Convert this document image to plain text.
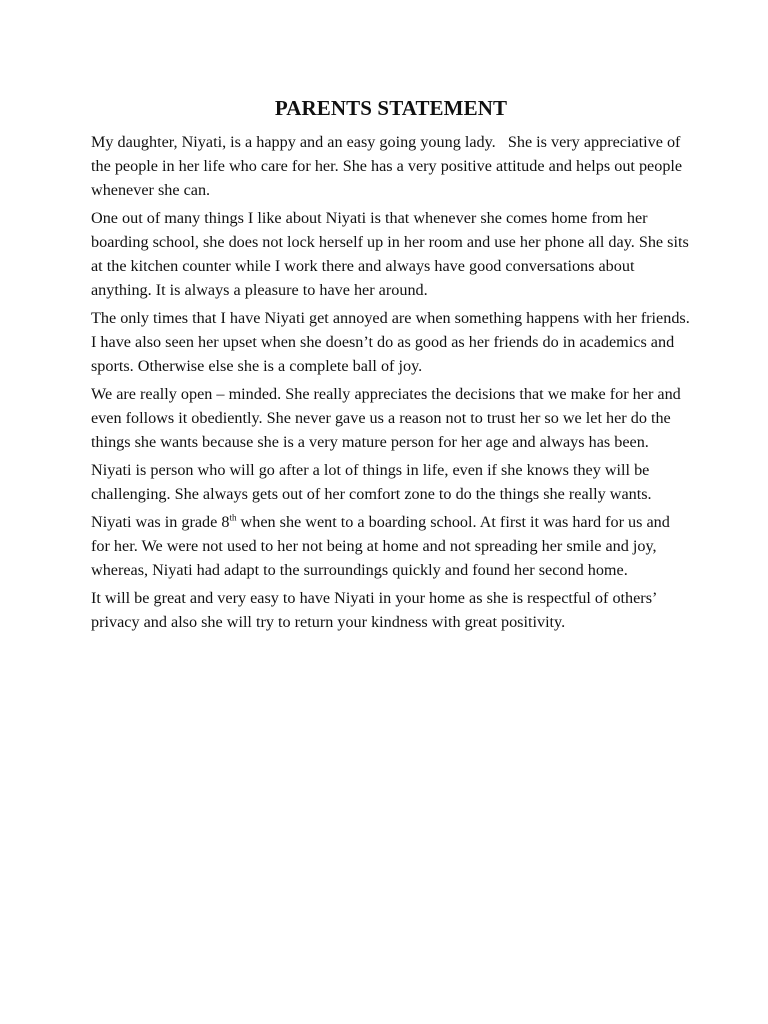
PARENTS STATEMENT

My daughter, Niyati, is a happy and an easy going young lady.   She is very appreciative of the people in her life who care for her. She has a very positive attitude and helps out people whenever she can.

One out of many things I like about Niyati is that whenever she comes home from her boarding school, she does not lock herself up in her room and use her phone all day. She sits at the kitchen counter while I work there and always have good conversations about anything. It is always a pleasure to have her around.

The only times that I have Niyati get annoyed are when something happens with her friends. I have also seen her upset when she doesn’t do as good as her friends do in academics and sports. Otherwise else she is a complete ball of joy.

We are really open – minded. She really appreciates the decisions that we make for her and even follows it obediently. She never gave us a reason not to trust her so we let her do the things she wants because she is a very mature person for her age and always has been.

Niyati is person who will go after a lot of things in life, even if she knows they will be challenging. She always gets out of her comfort zone to do the things she really wants.

Niyati was in grade 8th when she went to a boarding school. At first it was hard for us and for her. We were not used to her not being at home and not spreading her smile and joy, whereas, Niyati had adapt to the surroundings quickly and found her second home.

It will be great and very easy to have Niyati in your home as she is respectful of others’ privacy and also she will try to return your kindness with great positivity.
